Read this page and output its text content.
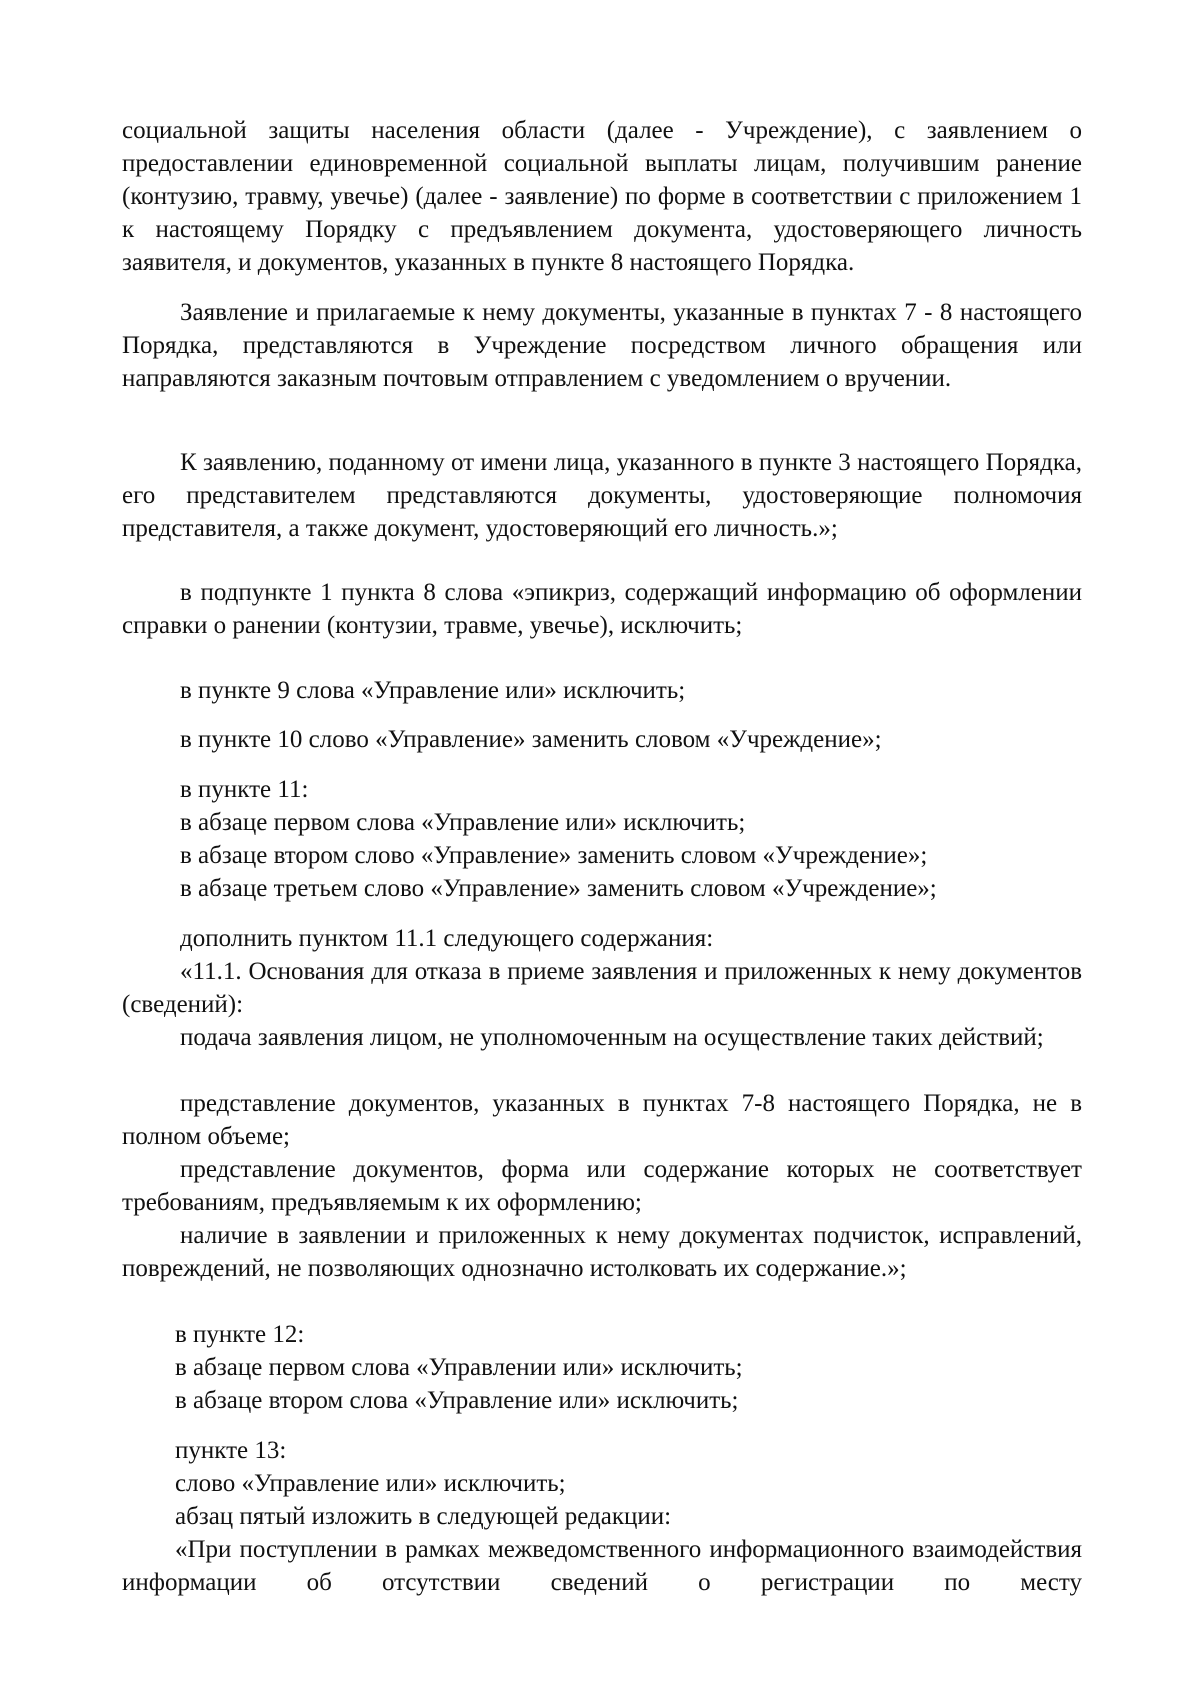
социальной защиты населения области (далее - Учреждение), с заявлением о предоставлении единовременной социальной выплаты лицам, получившим ранение (контузию, травму, увечье) (далее - заявление) по форме в соответствии с приложением 1 к настоящему Порядку с предъявлением документа, удостоверяющего личность заявителя, и документов, указанных в пункте 8 настоящего Порядка.

Заявление и прилагаемые к нему документы, указанные в пунктах 7 - 8 настоящего Порядка, представляются в Учреждение посредством личного обращения или направляются заказным почтовым отправлением с уведомлением о вручении.

К заявлению, поданному от имени лица, указанного в пункте 3 настоящего Порядка, его представителем представляются документы, удостоверяющие полномочия представителя, а также документ, удостоверяющий его личность.»;

в подпункте 1 пункта 8 слова «эпикриз, содержащий информацию об оформлении справки о ранении (контузии, травме, увечье), исключить;

в пункте 9 слова «Управление или» исключить;

в пункте 10 слово «Управление» заменить словом «Учреждение»;

в пункте 11:

в абзаце первом слова «Управление или» исключить;

в абзаце втором слово «Управление» заменить словом «Учреждение»;

в абзаце третьем слово «Управление» заменить словом «Учреждение»;

дополнить пунктом 11.1 следующего содержания:

«11.1. Основания для отказа в приеме заявления и приложенных к нему документов (сведений):

подача заявления лицом, не уполномоченным на осуществление таких действий;

представление документов, указанных в пунктах 7-8 настоящего Порядка, не в полном объеме;

представление документов, форма или содержание которых не соответствует требованиям, предъявляемым к их оформлению;

наличие в заявлении и приложенных к нему документах подчисток, исправлений, повреждений, не позволяющих однозначно истолковать их содержание.»;

в пункте 12:

в абзаце первом слова «Управлении или» исключить;

в абзаце втором слова «Управление или» исключить;

пункте 13:

слово «Управление или» исключить;

абзац пятый изложить в следующей редакции:

«При поступлении в рамках межведомственного информационного взаимодействия информации об отсутствии сведений о регистрации по месту
